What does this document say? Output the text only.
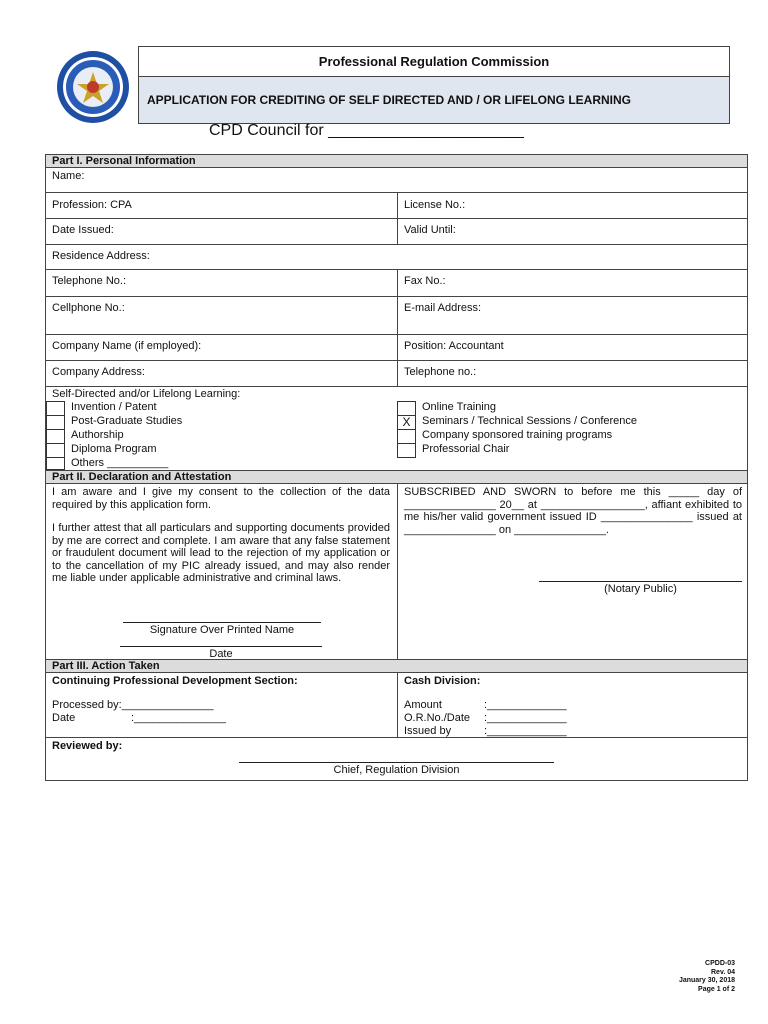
Professional Regulation Commission
APPLICATION FOR CREDITING OF SELF DIRECTED AND / OR LIFELONG LEARNING
CPD Council for ______________________
Part I. Personal Information
Name:
Profession: CPA	License No.:
Date Issued:	Valid Until:
Residence Address:
Telephone No.:	Fax No.:
Cellphone No.:	E-mail Address:
Company Name (if employed):	Position: Accountant
Company Address:	Telephone no.:
Self-Directed and/or Lifelong Learning:
Invention / Patent
Post-Graduate Studies
Authorship
Diploma Program
Others __________
Online Training
X	Seminars / Technical Sessions / Conference
Company sponsored training programs
Professorial Chair
Part II. Declaration and Attestation
I am aware and I give my consent to the collection of the data required by this application form.
I further attest that all particulars and supporting documents provided by me are correct and complete. I am aware that any false statement or fraudulent document will lead to the rejection of my application or to the cancellation of my PIC already issued, and may also render me liable under applicable administrative and criminal laws.
Signature Over Printed Name
Date
SUBSCRIBED AND SWORN to before me this _____ day of _______________ 20__ at _________________, affiant exhibited to me his/her valid government issued ID _______________ issued at _______________ on _______________.
(Notary Public)
Part III. Action Taken
Continuing Professional Development Section:
Processed by:_______________
Date	:_______________
Cash Division:
Amount	:_____________
O.R.No./Date :_____________
Issued by	:_____________
Reviewed by:
Chief, Regulation Division
CPDD-03
Rev. 04
January 30, 2018
Page 1 of 2
